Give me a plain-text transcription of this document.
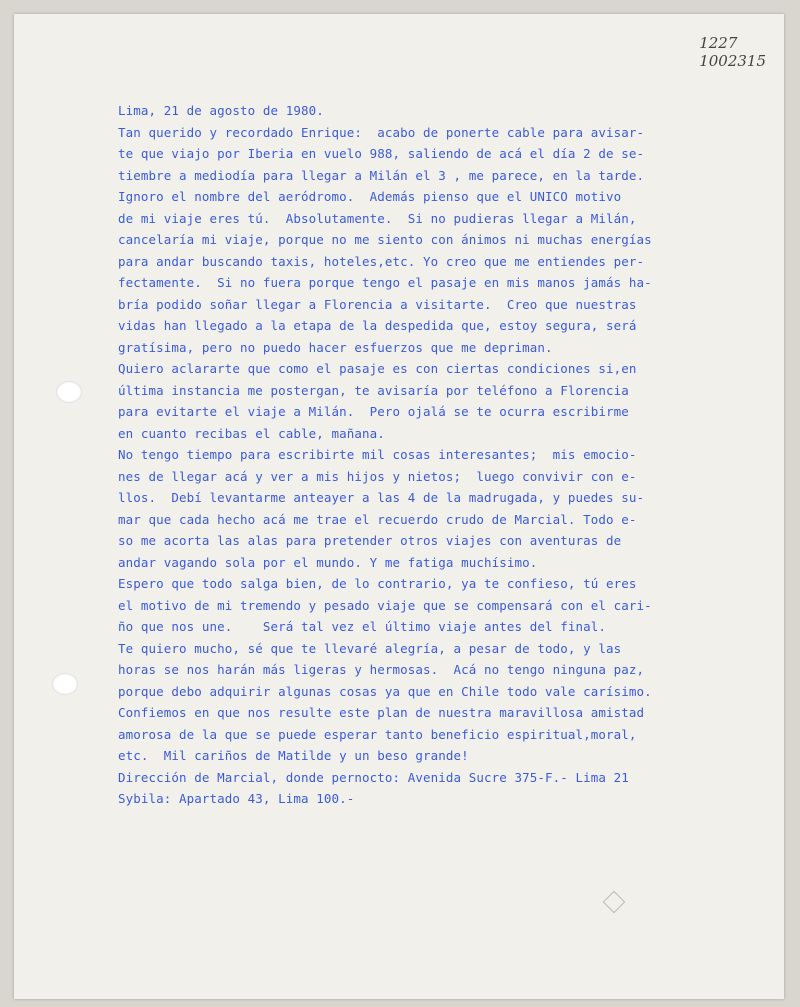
1227
1002315
Lima, 21 de agosto de 1980.
Tan querido y recordado Enrique:  acabo de ponerte cable para avisar-
te que viajo por Iberia en vuelo 988, saliendo de acá el día 2 de se-
tiembre a mediodía para llegar a Milán el 3 , me parece, en la tarde.
Ignoro el nombre del aeródromo.  Además pienso que el UNICO motivo
de mi viaje eres tú.  Absolutamente.  Si no pudieras llegar a Milán,
cancelaría mi viaje, porque no me siento con ánimos ni muchas energías
para andar buscando taxis, hoteles,etc. Yo creo que me entiendes per-
fectamente.  Si no fuera porque tengo el pasaje en mis manos jamás ha-
bría podido soñar llegar a Florencia a visitarte.  Creo que nuestras
vidas han llegado a la etapa de la despedida que, estoy segura, será
gratísima, pero no puedo hacer esfuerzos que me depriman.
Quiero aclararte que como el pasaje es con ciertas condiciones si,en
última instancia me postergan, te avisaría por teléfono a Florencia
para evitarte el viaje a Milán.  Pero ojalá se te ocurra escribirme
en cuanto recibas el cable, mañana.
No tengo tiempo para escribirte mil cosas interesantes;  mis emocio-
nes de llegar acá y ver a mis hijos y nietos;  luego convivir con e-
llos.  Debí levantarme anteayer a las 4 de la madrugada, y puedes su-
mar que cada hecho acá me trae el recuerdo crudo de Marcial. Todo e-
so me acorta las alas para pretender otros viajes con aventuras de
andar vagando sola por el mundo. Y me fatiga muchísimo.
Espero que todo salga bien, de lo contrario, ya te confieso, tú eres
el motivo de mi tremendo y pesado viaje que se compensará con el cari-
ño que nos une.    Será tal vez el último viaje antes del final.
Te quiero mucho, sé que te llevaré alegría, a pesar de todo, y las
horas se nos harán más ligeras y hermosas.  Acá no tengo ninguna paz,
porque debo adquirir algunas cosas ya que en Chile todo vale carísimo.
Confiemos en que nos resulte este plan de nuestra maravillosa amistad
amorosa de la que se puede esperar tanto beneficio espiritual,moral,
etc.  Mil cariños de Matilde y un beso grande!
Dirección de Marcial, donde pernocto: Avenida Sucre 375-F.- Lima 21
Sybila: Apartado 43, Lima 100.-
